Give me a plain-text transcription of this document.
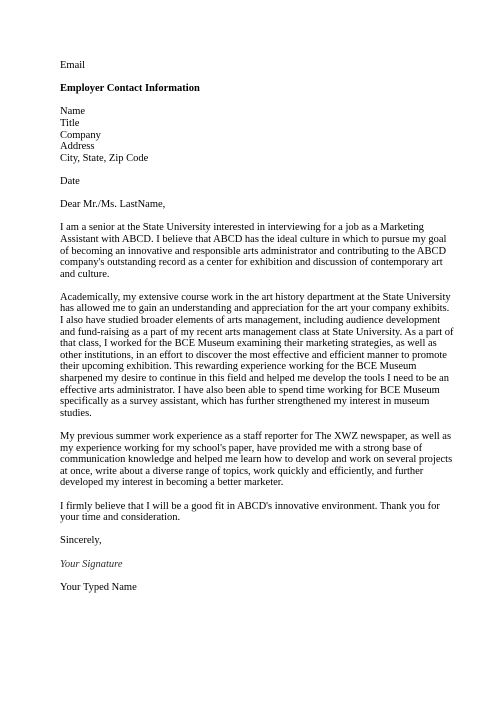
Email
Employer Contact Information
Name
Title
Company
Address
City, State, Zip Code
Date
Dear Mr./Ms. LastName,
I am a senior at the State University interested in interviewing for a job as a Marketing
Assistant with ABCD. I believe that ABCD has the ideal culture in which to pursue my goal
of becoming an innovative and responsible arts administrator and contributing to the ABCD
company's outstanding record as a center for exhibition and discussion of contemporary art
and culture.
Academically, my extensive course work in the art history department at the State University
has allowed me to gain an understanding and appreciation for the art your company exhibits.
I also have studied broader elements of arts management, including audience development
and fund-raising as a part of my recent arts management class at State University. As a part of
that class, I worked for the BCE Museum examining their marketing strategies, as well as
other institutions, in an effort to discover the most effective and efficient manner to promote
their upcoming exhibition. This rewarding experience working for the BCE Museum
sharpened my desire to continue in this field and helped me develop the tools I need to be an
effective arts administrator. I have also been able to spend time working for BCE Museum
specifically as a survey assistant, which has further strengthened my interest in museum
studies.
My previous summer work experience as a staff reporter for The XWZ newspaper, as well as
my experience working for my school's paper, have provided me with a strong base of
communication knowledge and helped me learn how to develop and work on several projects
at once, write about a diverse range of topics, work quickly and efficiently, and further
developed my interest in becoming a better marketer.
I firmly believe that I will be a good fit in ABCD's innovative environment. Thank you for
your time and consideration.
Sincerely,
Your Signature
Your Typed Name
